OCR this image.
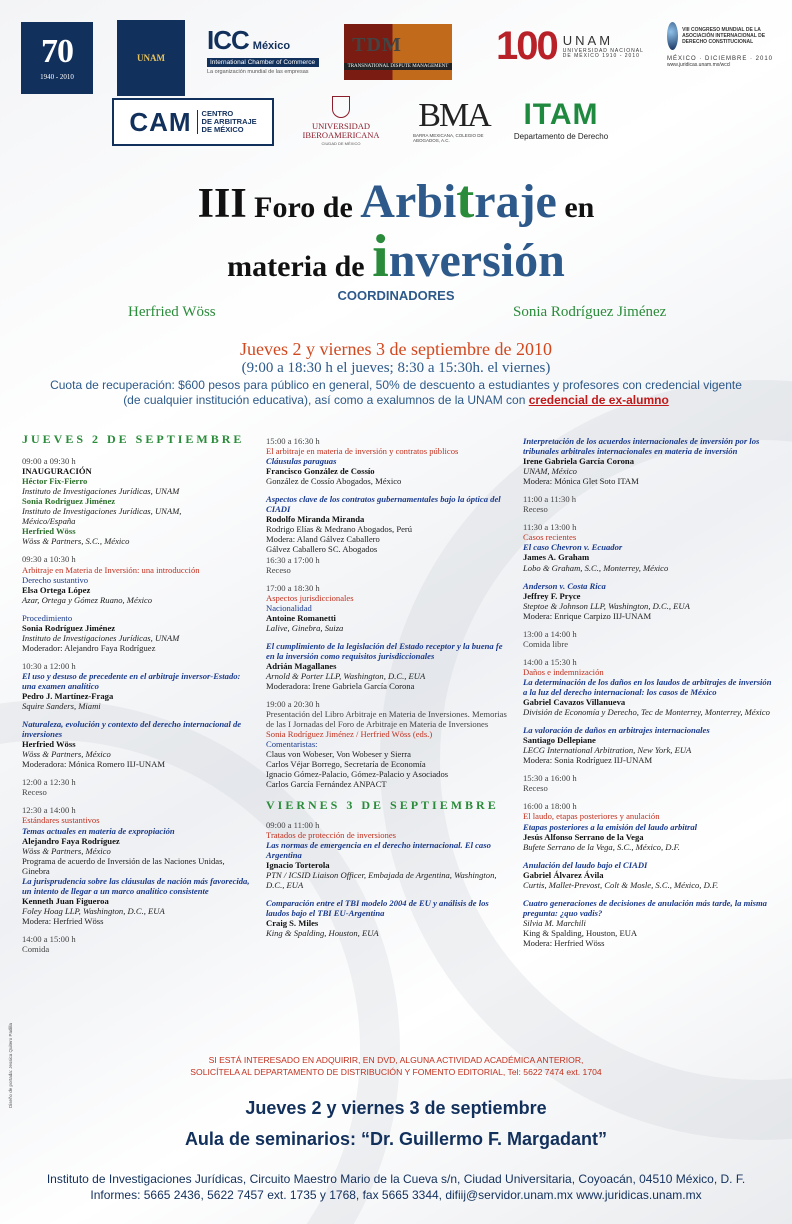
70
1940 - 2010
UNAM
ICC México
International Chamber of Commerce
La organización mundial de las empresas
TDM
TRANSNATIONAL DISPUTE MANAGEMENT 100 UNAM
UNIVERSIDAD NACIONAL DE MÉXICO 1910 - 2010
VIII CONGRESO MUNDIAL DE LA ASOCIACIÓN INTERNACIONAL DE DERECHO CONSTITUCIONAL
MÉXICO · DICIEMBRE · 2010
www.juridicas.unam.mx/wccl
CAM CENTRO
DE ARBITRAJE
DE MÉXICO	UNIVERSIDAD
IBEROAMERICANA
CIUDAD DE MÉXICO
BMA
BARRA MEXICANA, COLEGIO DE ABOGADOS, A.C.
ITAM
Departamento de Derecho
III Foro de Arbitraje en
materia de inversión
COORDINADORES
Herfried Wöss	Sonia Rodríguez Jiménez
Jueves 2 y viernes 3 de septiembre de 2010
(9:00 a 18:30 h el jueves; 8:30 a 15:30h. el viernes)
Cuota de recuperación: $600 pesos para público en general, 50% de descuento a estudiantes y profesores con credencial vigente
(de cualquier institución educativa), así como a exalumnos de la UNAM con credencial de ex-alumno
JUEVES 2 DE SEPTIEMBRE
09:00 a 09:30 h
INAUGURACIÓN
Héctor Fix-Fierro
Instituto de Investigaciones Jurídicas, UNAM
Sonia Rodríguez Jiménez
Instituto de Investigaciones Jurídicas, UNAM,
México/España
Herfried Wöss
Wöss & Partners, S.C., México
09:30 a 10:30 h
Arbitraje en Materia de Inversión: una introducción
Derecho sustantivo
Elsa Ortega López
Azar, Ortega y Gómez Ruano, México
Procedimiento
Sonia Rodríguez Jiménez
Instituto de Investigaciones Jurídicas, UNAM
Moderador: Alejandro Faya Rodríguez
10:30 a 12:00 h
El uso y desuso de precedente en el arbitraje inversor-Estado: una examen analítico
Pedro J. Martínez-Fraga
Squire Sanders, Miami
Naturaleza, evolución y contexto del derecho internacional de inversiones
Herfried Wöss
Wöss & Partners, México
Moderadora: Mónica Romero IIJ-UNAM
12:00 a 12:30 h
Receso
12:30 a 14:00 h
Estándares sustantivos
Temas actuales en materia de expropiación
Alejandro Faya Rodríguez
Wöss & Partners, México
Programa de acuerdo de Inversión de las Naciones Unidas, Ginebra
La jurisprudencia sobre las cláusulas de nación más favorecida, un intento de llegar a un marco analítico consistente
Kenneth Juan Figueroa
Foley Hoag LLP, Washington, D.C., EUA
Modera: Herfried Wöss
14:00 a 15:00 h
Comida
15:00 a 16:30 h
El arbitraje en materia de inversión y contratos públicos
Cláusulas paraguas
Francisco González de Cossío
González de Cossío Abogados, México
Aspectos clave de los contratos gubernamentales bajo la óptica del CIADI
Rodolfo Miranda Miranda
Rodrigo Elías & Medrano Abogados, Perú
Modera: Aland Gálvez Caballero
Gálvez Caballero SC. Abogados
16:30 a 17:00 h
Receso
17:00 a 18:30 h
Aspectos jurisdiccionales
Nacionalidad
Antoine Romanetti
Lalive, Ginebra, Suiza
El cumplimiento de la legislación del Estado receptor y la buena fe en la inversión como requisitos jurisdiccionales
Adrián Magallanes
Arnold & Porter LLP, Washington, D.C., EUA
Moderadora: Irene Gabriela García Corona
19:00 a 20:30 h
Presentación del Libro Arbitraje en Materia de Inversiones. Memorias de las I Jornadas del Foro de Arbitraje en Materia de Inversiones
Sonia Rodríguez Jiménez / Herfried Wöss (eds.)
Comentaristas:
Claus von Wobeser, Von Wobeser y Sierra
Carlos Véjar Borrego, Secretaría de Economía
Ignacio Gómez-Palacio, Gómez-Palacio y Asociados
Carlos García Fernández ANPACT
VIERNES 3 DE SEPTIEMBRE
09:00 a 11:00 h
Tratados de protección de inversiones
Las normas de emergencia en el derecho internacional. El caso Argentina
Ignacio Torterola
PTN / ICSID Liaison Officer, Embajada de Argentina, Washington, D.C., EUA
Comparación entre el TBI modelo 2004 de EU y análisis de los laudos bajo el TBI EU-Argentina
Craig S. Miles
King & Spalding, Houston, EUA
Interpretación de los acuerdos internacionales de inversión por los tribunales arbitrales internacionales en materia de inversión
Irene Gabriela García Corona
UNAM, México
Modera: Mónica Glet Soto ITAM
11:00 a 11:30 h
Receso
11:30 a 13:00 h
Casos recientes
El caso Chevron v. Ecuador
James A. Graham
Lobo & Graham, S.C., Monterrey, México
Anderson v. Costa Rica
Jeffrey F. Pryce
Steptoe & Johnson LLP, Washington, D.C., EUA
Modera: Enrique Carpizo IIJ-UNAM
13:00 a 14:00 h
Comida libre
14:00 a 15:30 h
Daños e indemnización
La determinación de los daños en los laudos de arbitrajes de inversión a la luz del derecho internacional: los casos de México
Gabriel Cavazos Villanueva
División de Economía y Derecho, Tec de Monterrey, Monterrey, México
La valoración de daños en arbitrajes internacionales
Santiago Dellepiane
LECG International Arbitration, New York, EUA
Modera: Sonia Rodríguez IIJ-UNAM
15:30 a 16:00 h
Receso
16:00 a 18:00 h
El laudo, etapas posteriores y anulación
Etapas posteriores a la emisión del laudo arbitral
Jesús Alfonso Serrano de la Vega
Bufete Serrano de la Vega, S.C., México, D.F.
Anulación del laudo bajo el CIADI
Gabriel Álvarez Ávila
Curtis, Mallet-Prevost, Colt & Mosle, S.C., México, D.F.
Cuatro generaciones de decisiones de anulación más tarde, la misma pregunta: ¿quo vadis?
Silvia M. Marchili
King & Spalding, Houston, EUA
Modera: Herfried Wöss
SI ESTÁ INTERESADO EN ADQUIRIR, EN DVD, ALGUNA ACTIVIDAD ACADÉMICA ANTERIOR,
SOLICÍTELA AL DEPARTAMENTO DE DISTRIBUCIÓN Y FOMENTO EDITORIAL, Tel: 5622 7474 ext. 1704
Jueves 2 y viernes 3 de septiembre
Aula de seminarios: “Dr. Guillermo F. Margadant”
Instituto de Investigaciones Jurídicas, Circuito Maestro Mario de la Cueva s/n, Ciudad Universitaria, Coyoacán, 04510 México, D. F.
Informes: 5665 2436, 5622 7457 ext. 1735 y 1768, fax 5665 3344, difiij@servidor.unam.mx www.juridicas.unam.mx
Diseño de portada: Jessica Quitero Padilla
